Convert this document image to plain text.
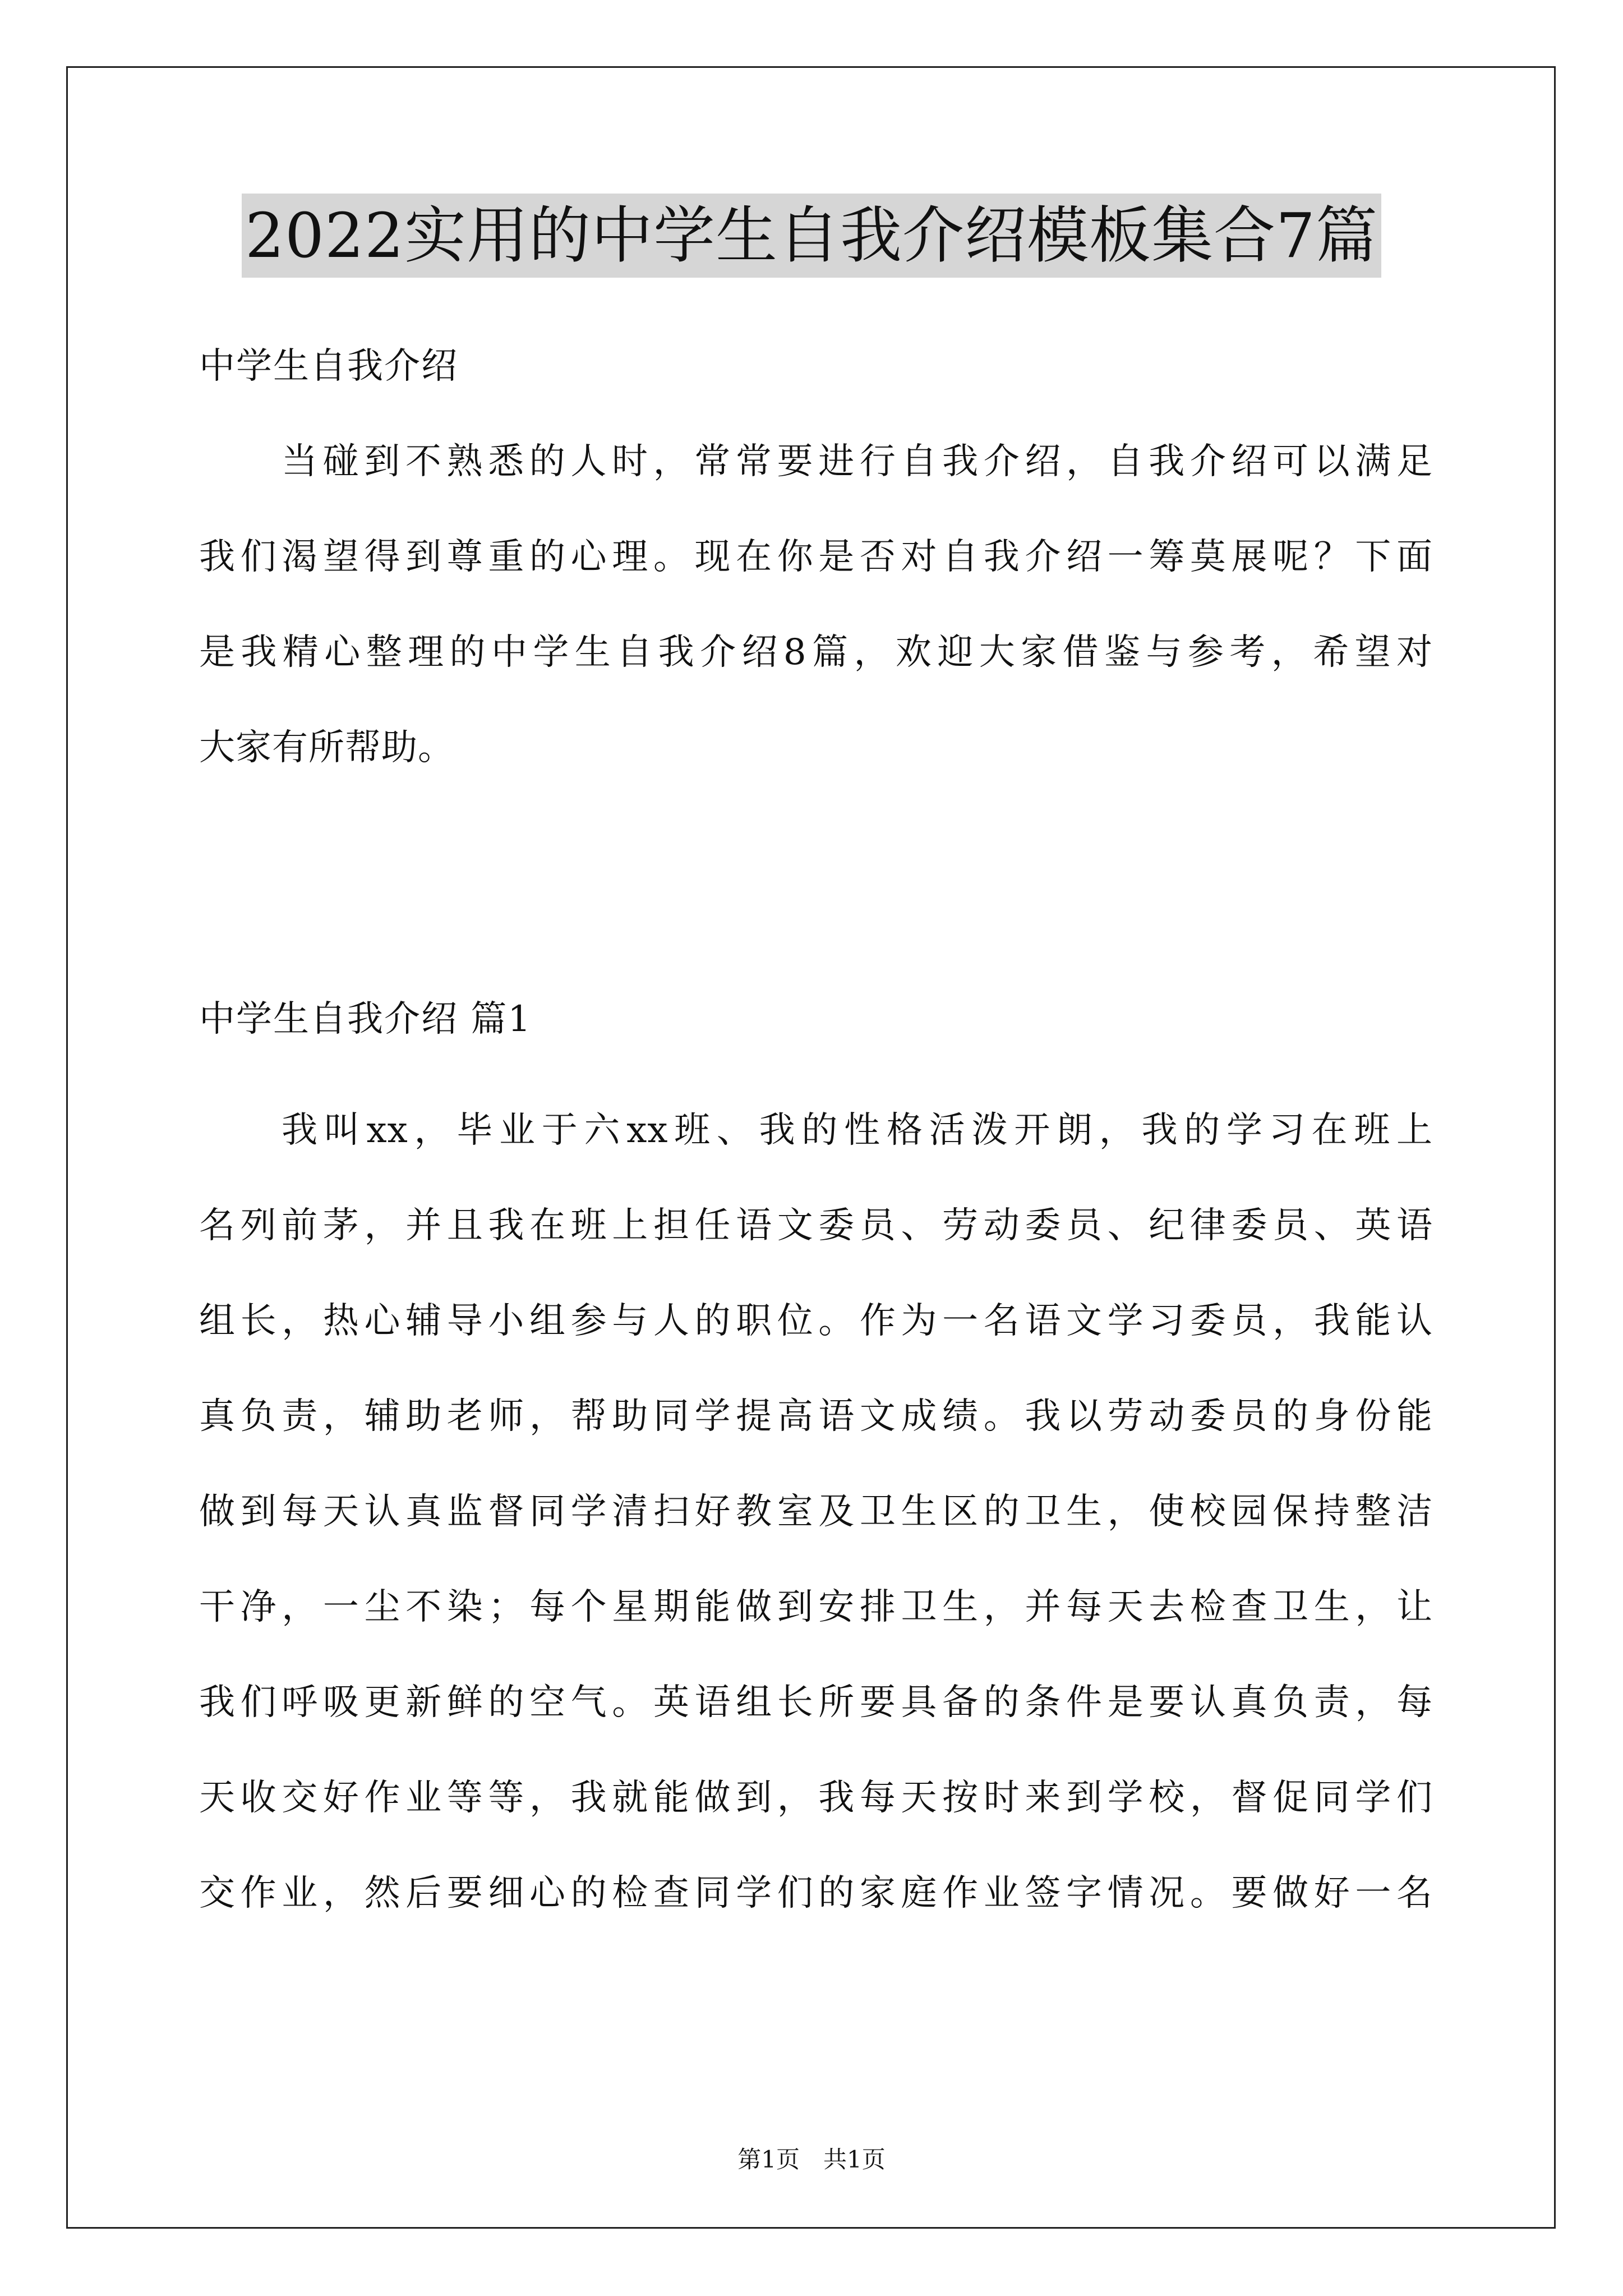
2022实用的中学生自我介绍模板集合7篇
中学生自我介绍
当碰到不熟悉的人时，常常要进行自我介绍，自我介绍可以满足
我们渴望得到尊重的心理。现在你是否对自我介绍一筹莫展呢？下面
是我精心整理的中学生自我介绍8篇，欢迎大家借鉴与参考，希望对
大家有所帮助。
中学生自我介绍 篇1
我叫xx，毕业于六xx班、我的性格活泼开朗，我的学习在班上
名列前茅，并且我在班上担任语文委员、劳动委员、纪律委员、英语
组长，热心辅导小组参与人的职位。作为一名语文学习委员，我能认
真负责，辅助老师，帮助同学提高语文成绩。我以劳动委员的身份能
做到每天认真监督同学清扫好教室及卫生区的卫生，使校园保持整洁
干净，一尘不染；每个星期能做到安排卫生，并每天去检查卫生，让
我们呼吸更新鲜的空气。英语组长所要具备的条件是要认真负责，每
天收交好作业等等，我就能做到，我每天按时来到学校，督促同学们
交作业，然后要细心的检查同学们的家庭作业签字情况。要做好一名
第1页　共1页
